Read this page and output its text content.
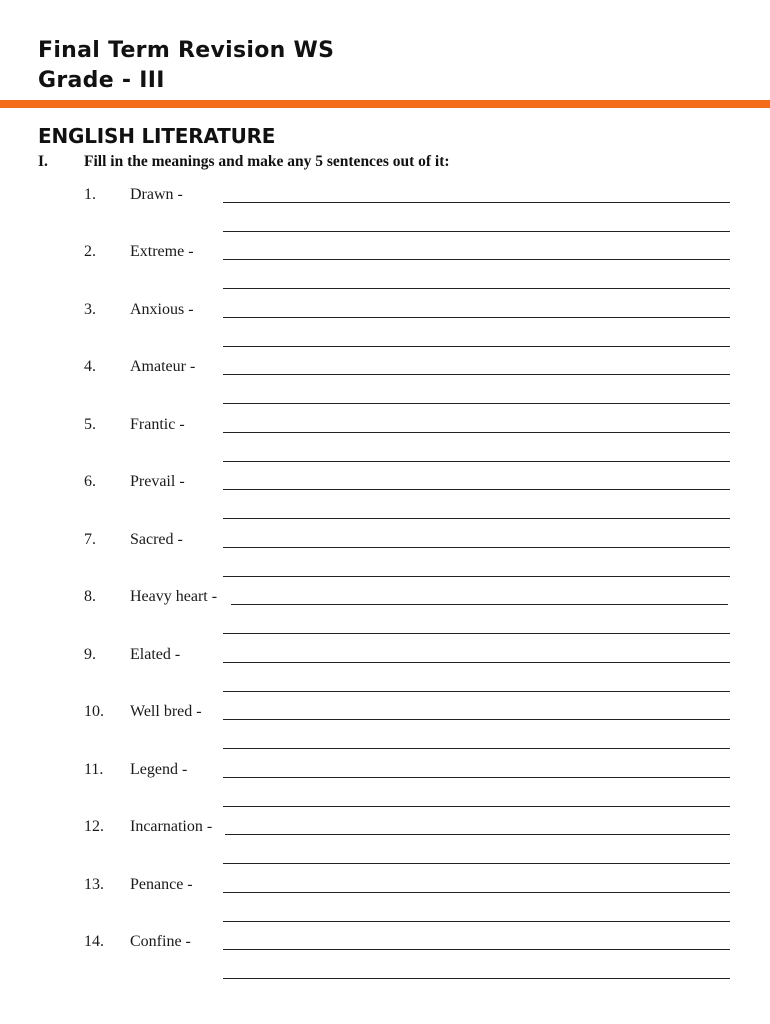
Final Term Revision WS

Grade - III

ENGLISH LITERATURE
I. Fill in the meanings and make any 5 sentences out of it:
1. Drawn -
2. Extreme -
3. Anxious -
4. Amateur -
5. Frantic -
6. Prevail -
7. Sacred -
8. Heavy heart -
9. Elated -
10. Well bred -
11. Legend -
12. Incarnation -
13. Penance -
14. Confine -
